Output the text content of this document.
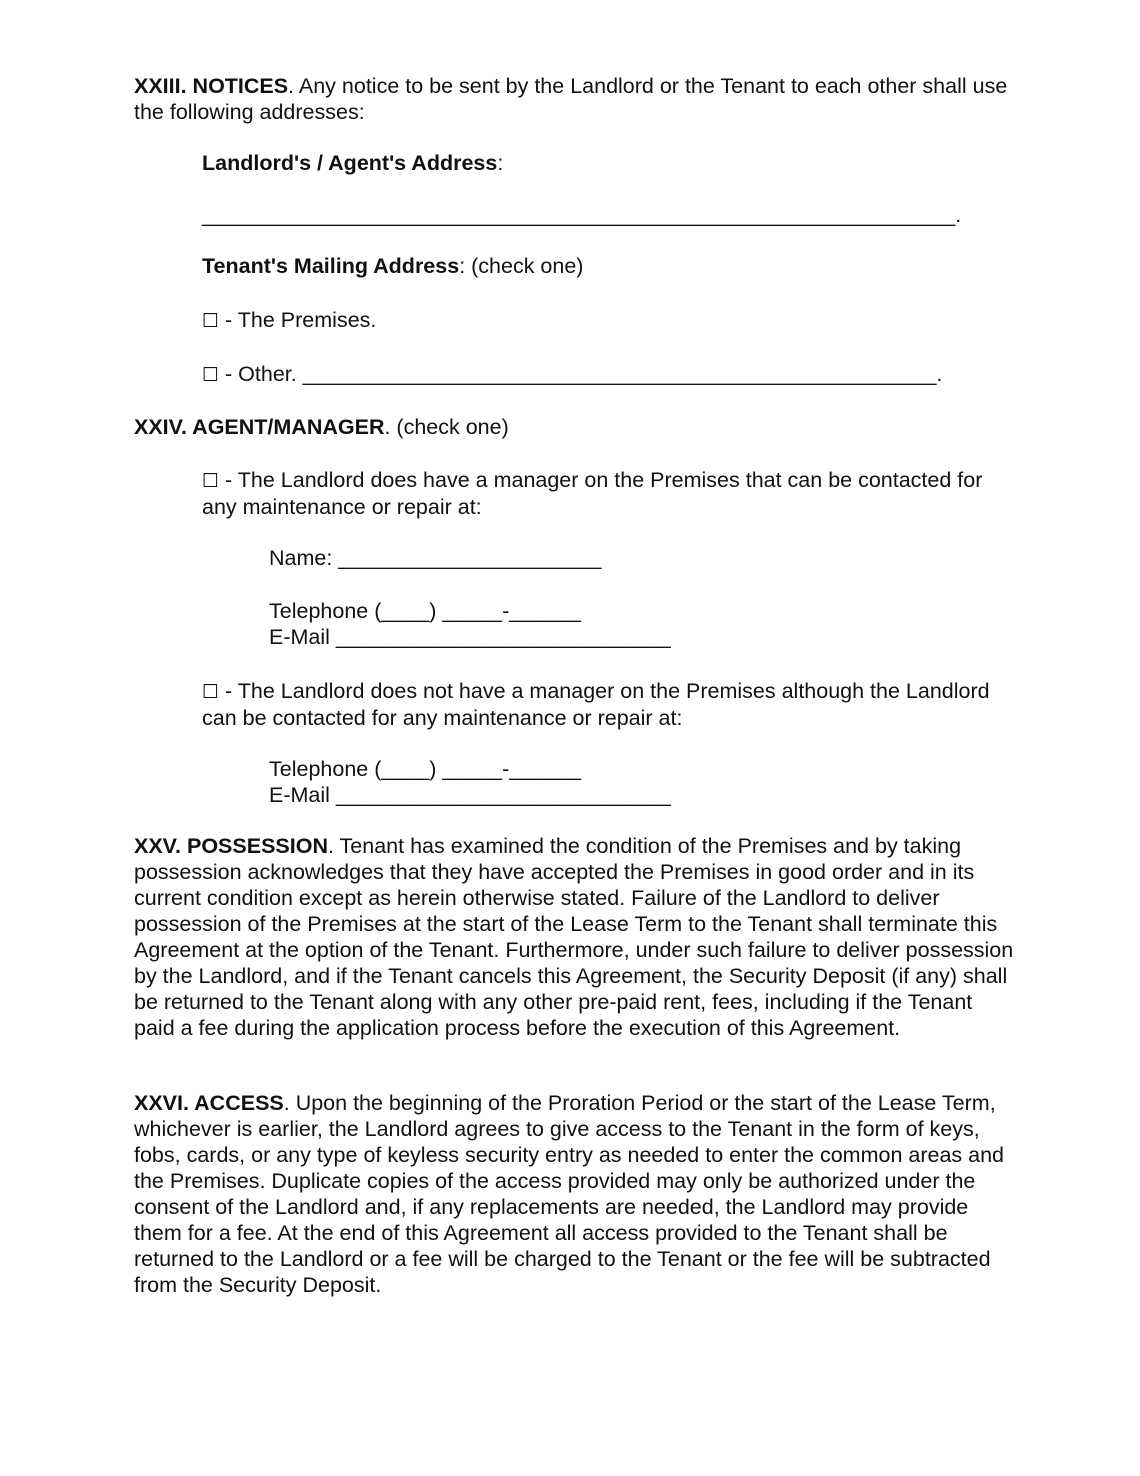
XXIII. NOTICES. Any notice to be sent by the Landlord or the Tenant to each other shall use the following addresses:
Landlord's / Agent's Address:
_______________________________________________________________.
Tenant's Mailing Address: (check one)
☐ - The Premises.
☐ - Other. _____________________________________________________.
XXIV. AGENT/MANAGER. (check one)
☐ - The Landlord does have a manager on the Premises that can be contacted for any maintenance or repair at:
Name: ______________________
Telephone (____) _____-______
E-Mail ____________________________
☐ - The Landlord does not have a manager on the Premises although the Landlord can be contacted for any maintenance or repair at:
Telephone (____) _____-______
E-Mail ____________________________
XXV. POSSESSION. Tenant has examined the condition of the Premises and by taking possession acknowledges that they have accepted the Premises in good order and in its current condition except as herein otherwise stated. Failure of the Landlord to deliver possession of the Premises at the start of the Lease Term to the Tenant shall terminate this Agreement at the option of the Tenant. Furthermore, under such failure to deliver possession by the Landlord, and if the Tenant cancels this Agreement, the Security Deposit (if any) shall be returned to the Tenant along with any other pre-paid rent, fees, including if the Tenant paid a fee during the application process before the execution of this Agreement.
XXVI. ACCESS. Upon the beginning of the Proration Period or the start of the Lease Term, whichever is earlier, the Landlord agrees to give access to the Tenant in the form of keys, fobs, cards, or any type of keyless security entry as needed to enter the common areas and the Premises. Duplicate copies of the access provided may only be authorized under the consent of the Landlord and, if any replacements are needed, the Landlord may provide them for a fee. At the end of this Agreement all access provided to the Tenant shall be returned to the Landlord or a fee will be charged to the Tenant or the fee will be subtracted from the Security Deposit.
